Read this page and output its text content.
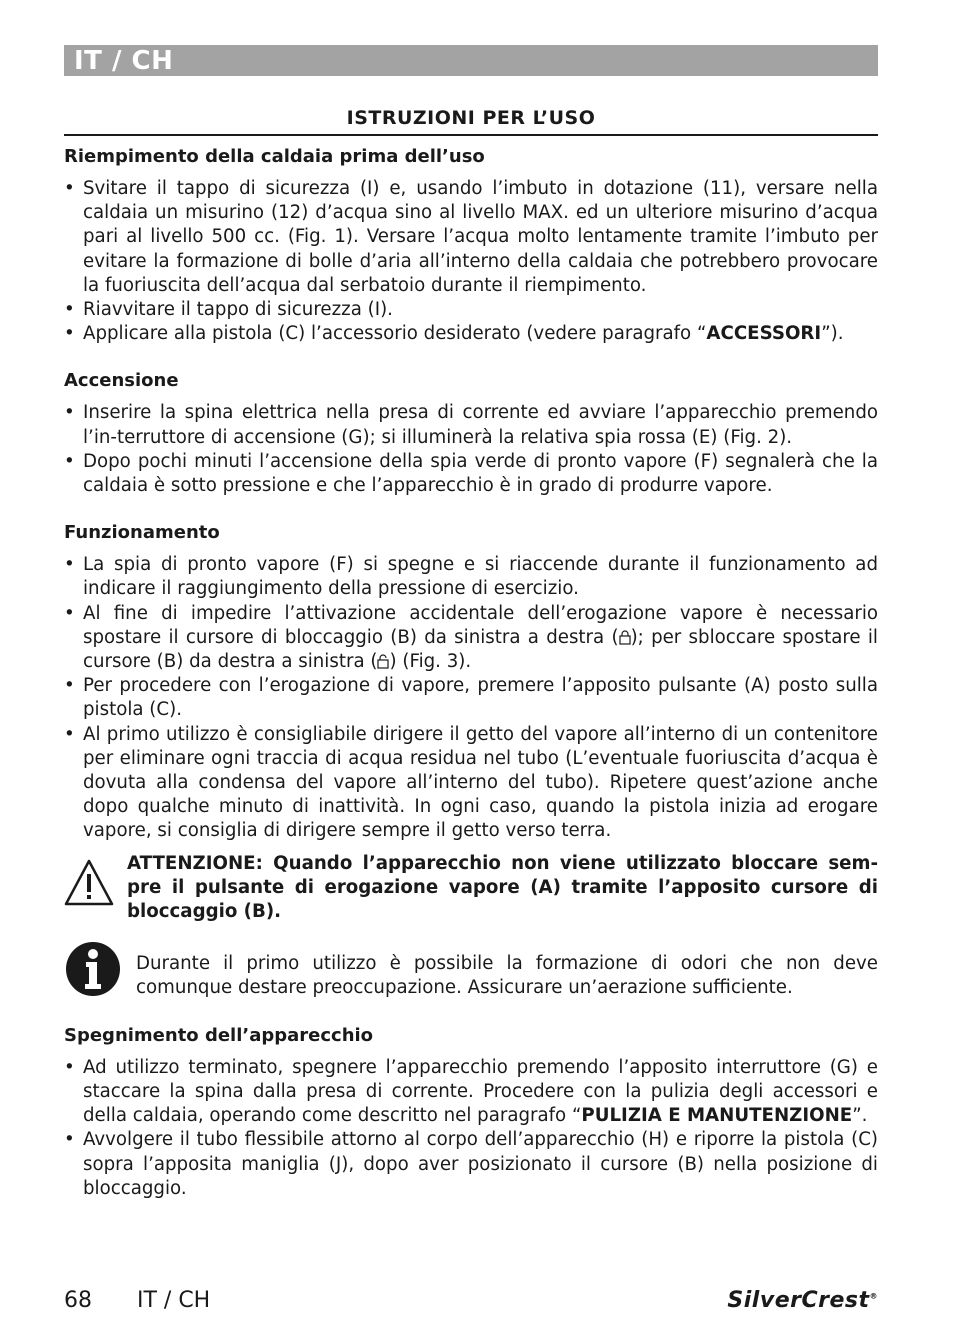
IT / CH
ISTRUZIONI PER L’USO
Riempimento della caldaia prima dell’uso
• Svitare il tappo di sicurezza (I) e, usando l’imbuto in dotazione (11), versare nella caldaia un misurino (12) d’acqua sino al livello MAX. ed un ulteriore misurino d’acqua pari al livello 500 cc. (Fig. 1). Versare l’acqua molto lentamente tramite l’imbuto per evitare la formazione di bolle d’aria all’interno della caldaia che potrebbero provocare la fuoriuscita dell’acqua dal serbatoio durante il riempimento.
• Riavvitare il tappo di sicurezza (I).
• Applicare alla pistola (C) l’accessorio desiderato (vedere paragrafo “ACCESSORI”).
Accensione
• Inserire la spina elettrica nella presa di corrente ed avviare l’apparecchio premendo l’in-terruttore di accensione (G); si illuminerà la relativa spia rossa (E) (Fig. 2).
• Dopo pochi minuti l’accensione della spia verde di pronto vapore (F) segnalerà che la caldaia è sotto pressione e che l’apparecchio è in grado di produrre vapore.
Funzionamento
• La spia di pronto vapore (F) si spegne e si riaccende durante il funzionamento ad indicare il raggiungimento della pressione di esercizio.
• Al fine di impedire l’attivazione accidentale dell’erogazione vapore è necessario spostare il cursore di bloccaggio (B) da sinistra a destra ( ); per sbloccare spostare il cursore (B) da destra a sinistra ( ) (Fig. 3).
• Per procedere con l’erogazione di vapore, premere l’apposito pulsante (A) posto sulla pistola (C).
• Al primo utilizzo è consigliabile dirigere il getto del vapore all’interno di un contenitore per eliminare ogni traccia di acqua residua nel tubo (L’eventuale fuoriuscita d’acqua è dovuta alla condensa del vapore all’interno del tubo). Ripetere quest’azione anche dopo qualche minuto di inattività. In ogni caso, quando la pistola inizia ad erogare vapore, si consiglia di dirigere sempre il getto verso terra.

ATTENZIONE: Quando l’apparecchio non viene utilizzato bloccare sem-pre il pulsante di erogazione vapore (A) tramite l’apposito cursore di bloccaggio (B).

Durante il primo utilizzo è possibile la formazione di odori che non deve comunque destare preoccupazione. Assicurare un’aerazione sufficiente.

Spegnimento dell’apparecchio
• Ad utilizzo terminato, spegnere l’apparecchio premendo l’apposito interruttore (G) e staccare la spina dalla presa di corrente. Procedere con la pulizia degli accessori e della caldaia, operando come descritto nel paragrafo “PULIZIA E MANUTENZIONE”.
• Avvolgere il tubo flessibile attorno al corpo dell’apparecchio (H) e riporre la pistola (C) sopra l’apposita maniglia (J), dopo aver posizionato il cursore (B) nella posizione di bloccaggio.
68 IT / CH	SilverCrest®
